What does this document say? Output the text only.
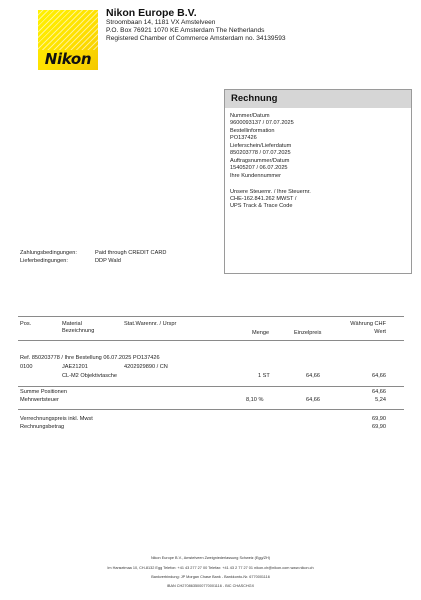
Nikon
Nikon Europe B.V.
Stroombaan 14, 1181 VX Amstelveen
P.O. Box 76921 1070 KE Amsterdam The Netherlands
Registered Chamber of Commerce Amsterdam no. 34139593
Rechnung
Nummer/Datum
9600093137 / 07.07.2025
Bestellinformation
PO137426
Lieferschein/Lieferdatum
850203778 / 07.07.2025
Auftragsnummer/Datum
15405207 / 06.07.2025
Ihre Kundennummer
Unsere Steuernr. / Ihre Steuernr.
CHE-162.841.262 MWST /
UPS Track & Trace Code
Zahlungsbedingungen:	Paid through CREDIT CARD
Lieferbedingungen:	DDP Wald
Pos.	Material
Bezeichnung
Stat.Warennr. / Urspr
Menge	Einzelpreis
Währung CHF
Wert
Ref. 850203778 / Ihre Bestellung 06.07.2025 PO137426
0100	JAE21201	4202929890 / CN
CL-M2 Objektivtasche	1 ST	64,66	64,66
Summe Positionen	64,66
Mehrwertsteuer	8,10 %	64,66	5,24
Verrechnungspreis inkl. Mwst	69,90
Rechnungsbetrag	69,90
Nikon Europe B.V., Amstelveen Zweigniederlassung Schweiz (Egg/ZH)
Im Hanselmaa 10, CH-8132 Egg Telefon: +41 43 277 27 00 Telefax: +41 43 2 77 27 01 nikon.ch@nikon.com www.nikon.ch
Bankverbindung: JP Morgan Chase Bank - Bankkonto-Nr. 6770001116
IBAN CH2708635000770001116 - BIC CHASCHGX
